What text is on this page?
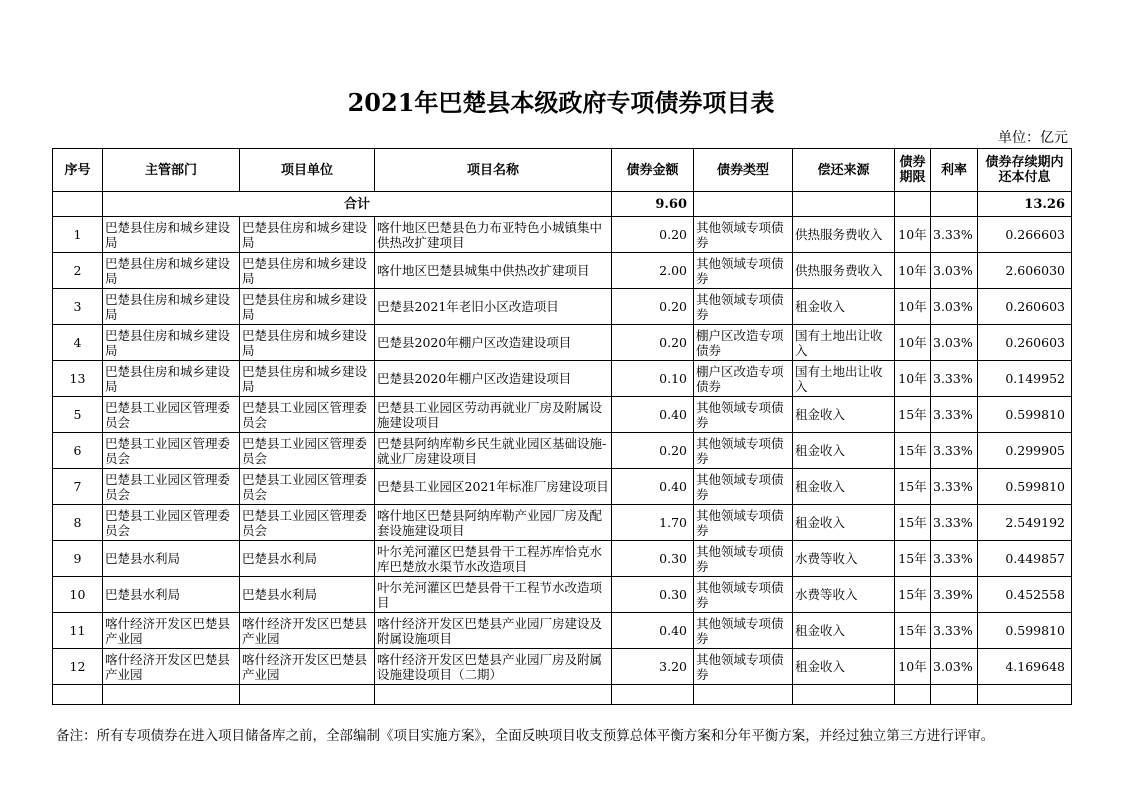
2021年巴楚县本级政府专项债券项目表
单位：亿元
序号	主管部门	项目单位	项目名称	债券金额	债券类型	偿还来源	债券期限	利率	债券存续期内还本付息
	合计			9.60					13.26
1	巴楚县住房和城乡建设局	巴楚县住房和城乡建设局	喀什地区巴楚县色力布亚特色小城镇集中供热改扩建项目	0.20	其他领域专项债券	供热服务费收入	10年	3.33%	0.266603
2	巴楚县住房和城乡建设局	巴楚县住房和城乡建设局	喀什地区巴楚县城集中供热改扩建项目	2.00	其他领域专项债券	供热服务费收入	10年	3.03%	2.606030
3	巴楚县住房和城乡建设局	巴楚县住房和城乡建设局	巴楚县2021年老旧小区改造项目	0.20	其他领域专项债券	租金收入	10年	3.03%	0.260603
4	巴楚县住房和城乡建设局	巴楚县住房和城乡建设局	巴楚县2020年棚户区改造建设项目	0.20	棚户区改造专项债券	国有土地出让收入	10年	3.03%	0.260603
13	巴楚县住房和城乡建设局	巴楚县住房和城乡建设局	巴楚县2020年棚户区改造建设项目	0.10	棚户区改造专项债券	国有土地出让收入	10年	3.33%	0.149952
5	巴楚县工业园区管理委员会	巴楚县工业园区管理委员会	巴楚县工业园区劳动再就业厂房及附属设施建设项目	0.40	其他领域专项债券	租金收入	15年	3.33%	0.599810
6	巴楚县工业园区管理委员会	巴楚县工业园区管理委员会	巴楚县阿纳库勒乡民生就业园区基础设施-就业厂房建设项目	0.20	其他领域专项债券	租金收入	15年	3.33%	0.299905
7	巴楚县工业园区管理委员会	巴楚县工业园区管理委员会	巴楚县工业园区2021年标准厂房建设项目	0.40	其他领域专项债券	租金收入	15年	3.33%	0.599810
8	巴楚县工业园区管理委员会	巴楚县工业园区管理委员会	喀什地区巴楚县阿纳库勒产业园厂房及配套设施建设项目	1.70	其他领域专项债券	租金收入	15年	3.33%	2.549192
9	巴楚县水利局	巴楚县水利局	叶尔羌河灌区巴楚县骨干工程苏库恰克水库巴楚放水渠节水改造项目	0.30	其他领域专项债券	水费等收入	15年	3.33%	0.449857
10	巴楚县水利局	巴楚县水利局	叶尔羌河灌区巴楚县骨干工程节水改造项目	0.30	其他领域专项债券	水费等收入	15年	3.39%	0.452558
11	喀什经济开发区巴楚县产业园	喀什经济开发区巴楚县产业园	喀什经济开发区巴楚县产业园厂房建设及附属设施项目	0.40	其他领域专项债券	租金收入	15年	3.33%	0.599810
12	喀什经济开发区巴楚县产业园	喀什经济开发区巴楚县产业园	喀什经济开发区巴楚县产业园厂房及附属设施建设项目（二期）	3.20	其他领域专项债券	租金收入	10年	3.03%	4.169648

备注：所有专项债券在进入项目储备库之前，全部编制《项目实施方案》，全面反映项目收支预算总体平衡方案和分年平衡方案，并经过独立第三方进行评审。
